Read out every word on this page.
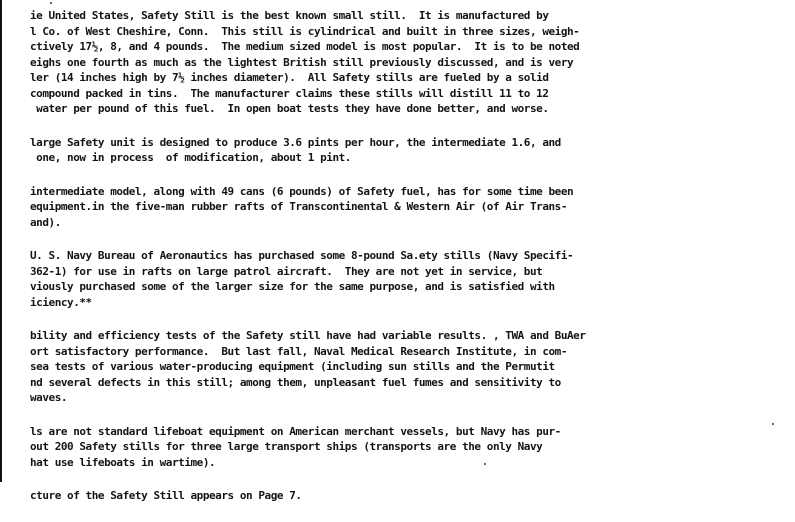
ie United States, Safety Still is the best known small still.  It is manufactured by
l Co. of West Cheshire, Conn.  This still is cylindrical and built in three sizes, weigh-
ctively 17½, 8, and 4 pounds.  The medium sized model is most popular.  It is to be noted
eighs one fourth as much as the lightest British still previously discussed, and is very
ler (14 inches high by 7½ inches diameter).  All Safety stills are fueled by a solid
compound packed in tins.  The manufacturer claims these stills will distill 11 to 12
water per pound of this fuel.  In open boat tests they have done better, and worse.

large Safety unit is designed to produce 3.6 pints per hour, the intermediate 1.6, and
one, now in process  of modification, about 1 pint.

intermediate model, along with 49 cans (6 pounds) of Safety fuel, has for some time been
equipment.in the five-man rubber rafts of Transcontinental & Western Air (of Air Trans-
and).

U. S. Navy Bureau of Aeronautics has purchased some 8-pound Sa.ety stills (Navy Specifi-
362-1) for use in rafts on large patrol aircraft.  They are not yet in service, but
viously purchased some of the larger size for the same purpose, and is satisfied with
iciency.**

bility and efficiency tests of the Safety still have had variable results. , TWA and BuAer
ort satisfactory performance.  But last fall, Naval Medical Research Institute, in com-
sea tests of various water-producing equipment (including sun stills and the Permutit
nd several defects in this still; among them, unpleasant fuel fumes and sensitivity to
waves.

ls are not standard lifeboat equipment on American merchant vessels, but Navy has pur-
out 200 Safety stills for three large transport ships (transports are the only Navy
hat use lifeboats in wartime).

cture of the Safety Still appears on Page 7.
